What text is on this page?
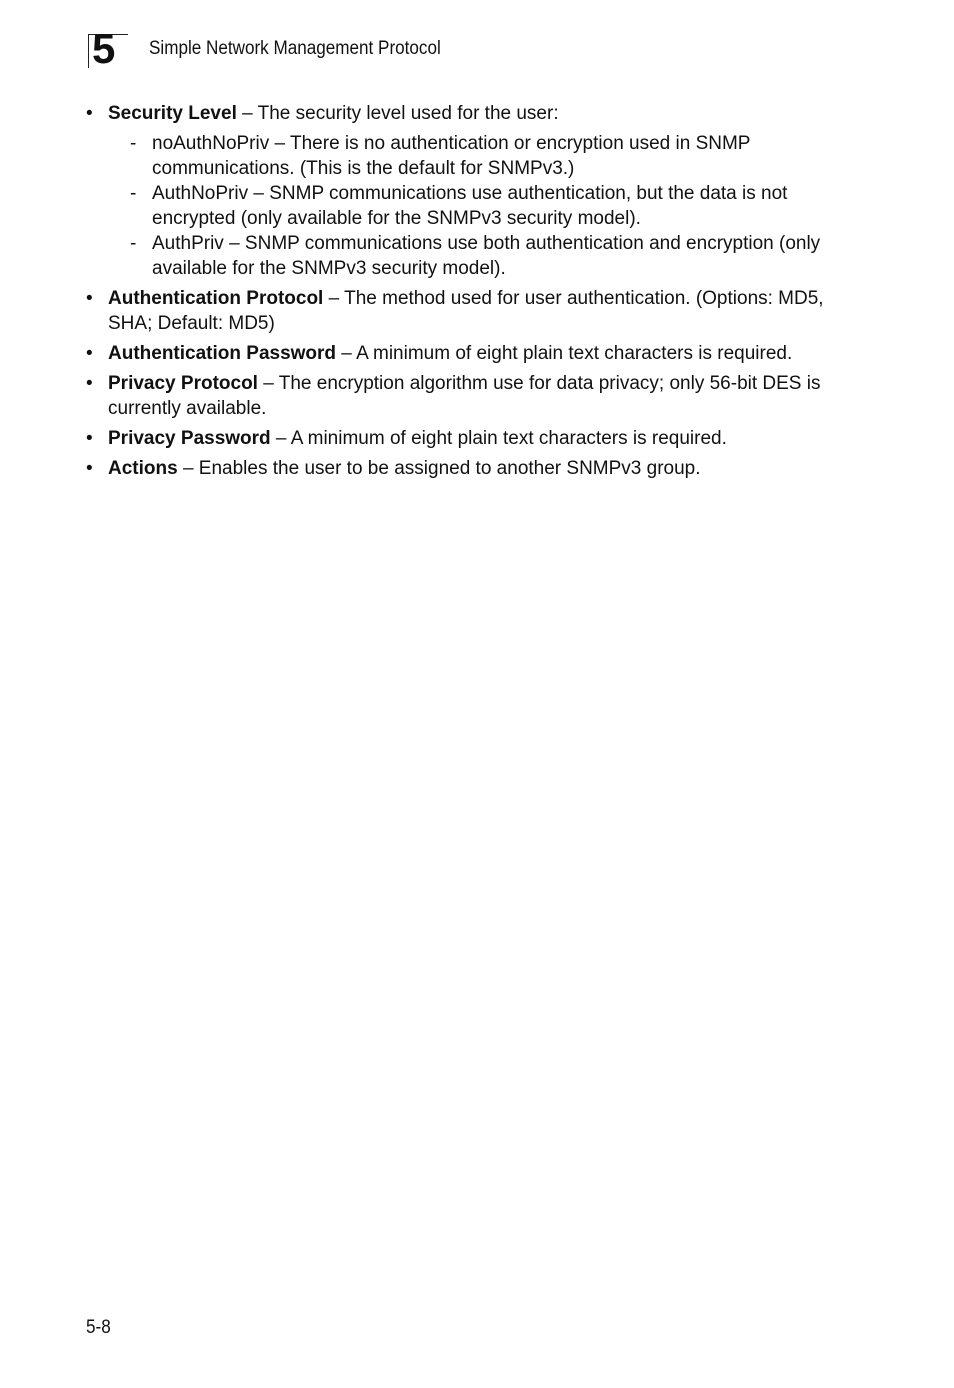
5 Simple Network Management Protocol
• Security Level – The security level used for the user:
- noAuthNoPriv – There is no authentication or encryption used in SNMP communications. (This is the default for SNMPv3.)
- AuthNoPriv – SNMP communications use authentication, but the data is not encrypted (only available for the SNMPv3 security model).
- AuthPriv – SNMP communications use both authentication and encryption (only available for the SNMPv3 security model).
• Authentication Protocol – The method used for user authentication. (Options: MD5, SHA; Default: MD5)
• Authentication Password – A minimum of eight plain text characters is required.
• Privacy Protocol – The encryption algorithm use for data privacy; only 56-bit DES is currently available.
• Privacy Password – A minimum of eight plain text characters is required.
• Actions – Enables the user to be assigned to another SNMPv3 group.
5-8
